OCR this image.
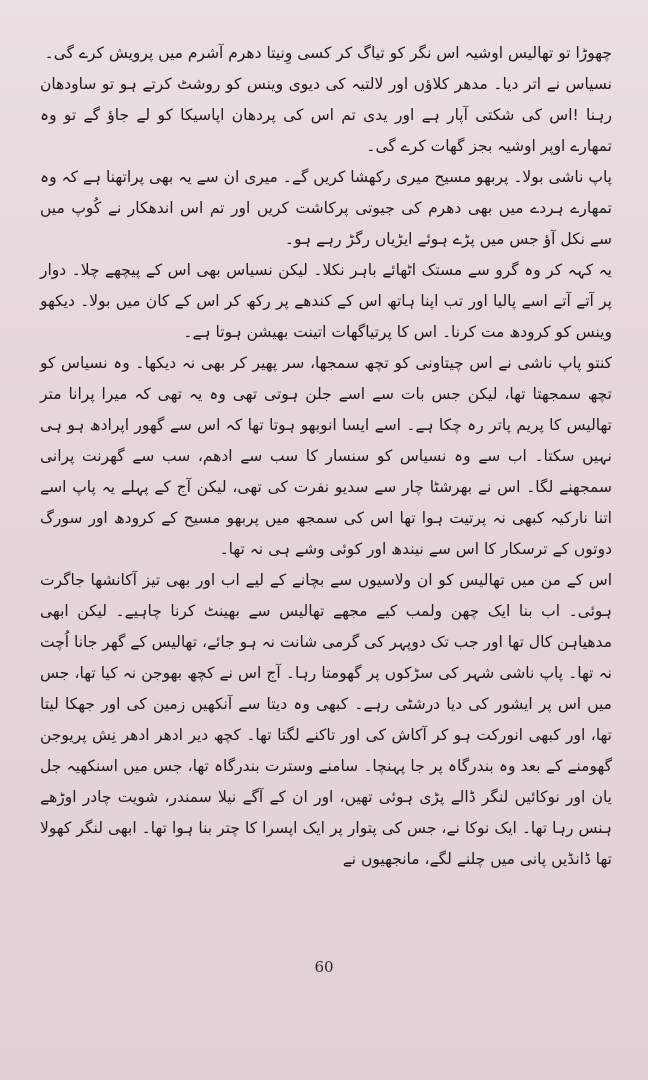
چھوڑا تو تھالیس اوشیہ اس نگر کو تیاگ کر کسی وِنیتا دھرم آشرم میں پرویش کرے گی۔

نسیاس نے اتر دیا۔ مدھر کلاؤں اور لالتیہ کی دیوی وینس کو روشٹ کرتے ہو تو ساودھان رہنا !اس کی شکتی آپار ہے اور یدی تم اس کی پردھان اپاسیکا کو لے جاؤ گے تو وہ تمھارے اوپر اوشیہ بجز گھات کرے گی۔

پاپ ناشی بولا۔ پربھو مسیح میری رکھشا کریں گے۔ میری ان سے یہ بھی پراتھنا ہے کہ وہ تمھارے ہردے میں بھی دھرم کی جیوتی پرکاشت کریں اور تم اس اندھکار نے کُوپ میں سے نکل آؤ جس میں پڑے ہوئے ایڑیاں رگڑ رہے ہو۔

یہ کہہ کر وہ گرو سے مستک اٹھائے باہر نکلا۔ لیکن نسیاس بھی اس کے پیچھے چلا۔ دوار پر آتے آتے اسے پالیا اور تب اپنا ہاتھ اس کے کندھے پر رکھ کر اس کے کان میں بولا۔ دیکھو وینس کو کرودھ مت کرنا۔ اس کا پرتیاگھات اتینت بھیشن ہوتا ہے۔

کنتو پاپ ناشی نے اس چیتاونی کو تچھ سمجھا، سر پھیر کر بھی نہ دیکھا۔ وہ نسیاس کو تچھ سمجھتا تھا، لیکن جس بات سے اسے جلن ہوتی تھی وہ یہ تھی کہ میرا پرانا متر تھالیس کا پریم پاتر رہ چکا ہے۔ اسے ایسا انوبھو ہوتا تھا کہ اس سے گھور اپرادھ ہو ہی نہیں سکتا۔ اب سے وہ نسیاس کو سنسار کا سب سے ادھم، سب سے گھرنت پرانی سمجھنے لگا۔ اس نے بھرشٹا چار سے سدیو نفرت کی تھی، لیکن آج کے پہلے یہ پاپ اسے اتنا نارکیہ کبھی نہ پرتیت ہوا تھا اس کی سمجھ میں پربھو مسیح کے کرودھ اور سورگ دوتوں کے ترسکار کا اس سے نیندھ اور کوئی وشے ہی نہ تھا۔

اس کے من میں تھالیس کو ان ولاسیوں سے بچانے کے لیے اب اور بھی تیز آکانشھا جاگرت ہوئی۔ اب بنا ایک چھن ولمب کیے مجھے تھالیس سے بھینٹ کرنا چاہیے۔ لیکن ابھی مدھیاہن کال تھا اور جب تک دوپہر کی گرمی شانت نہ ہو جائے، تھالیس کے گھر جانا اُچت نہ تھا۔ پاپ ناشی شہر کی سڑکوں پر گھومتا رہا۔ آج اس نے کچھ بھوجن نہ کیا تھا، جس میں اس پر ایشور کی دیا درشٹی رہے۔ کبھی وہ دیتا سے آنکھیں زمین کی اور جھکا لیتا تھا، اور کبھی انورکت ہو کر آکاش کی اور تاکنے لگتا تھا۔ کچھ دیر ادھر ادھر نِش پریوجن گھومنے کے بعد وہ بندرگاہ پر جا پہنچا۔ سامنے وسترت بندرگاہ تھا، جس میں اسنکھیہ جل یان اور نوکائیں لنگر ڈالے پڑی ہوئی تھیں، اور ان کے آگے نیلا سمندر، شویت چادر اوڑھے ہنس رہا تھا۔ ایک نوکا نے، جس کی پتوار پر ایک اپسرا کا چتر بنا ہوا تھا۔ ابھی لنگر کھولا تھا ڈانڈیں پانی میں چلنے لگے، مانجھیوں نے

60
